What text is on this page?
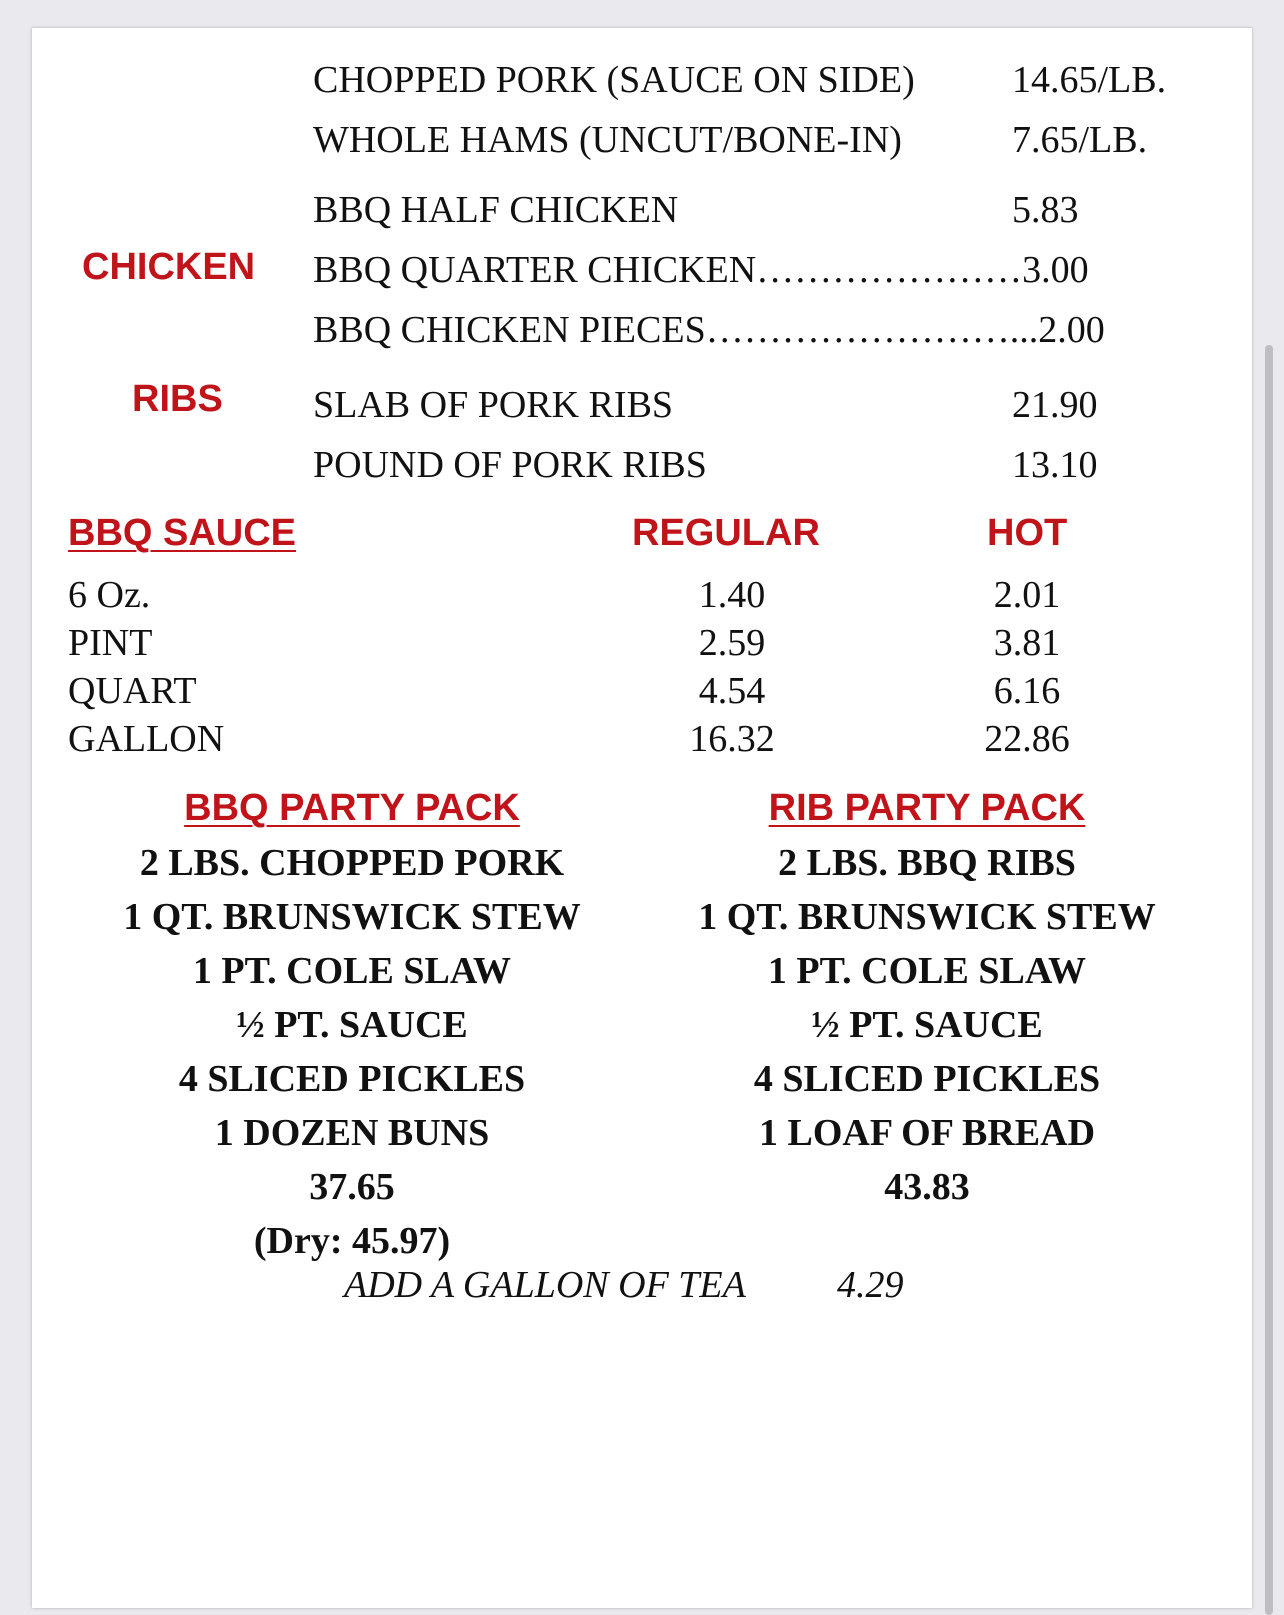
CHOPPED PORK (SAUCE ON SIDE)	14.65/LB.
WHOLE HAMS (UNCUT/BONE-IN)	7.65/LB.
CHICKEN
BBQ HALF CHICKEN	5.83
BBQ QUARTER CHICKEN…………………3.00
BBQ CHICKEN PIECES……………………...2.00
RIBS SLAB OF PORK RIBS	21.90
POUND OF PORK RIBS	13.10
BBQ SAUCE	REGULAR	HOT
6 Oz.	1.40	2.01
PINT	2.59	3.81
QUART	4.54	6.16
GALLON	16.32	22.86
BBQ PARTY PACK
2 LBS. CHOPPED PORK
1 QT. BRUNSWICK STEW
1 PT. COLE SLAW
½ PT. SAUCE
4 SLICED PICKLES
1 DOZEN BUNS
37.65
(Dry: 45.97)
RIB PARTY PACK
2 LBS. BBQ RIBS
1 QT. BRUNSWICK STEW
1 PT. COLE SLAW
½ PT. SAUCE
4 SLICED PICKLES
1 LOAF OF BREAD
43.83
ADD A GALLON OF TEA 4.29
